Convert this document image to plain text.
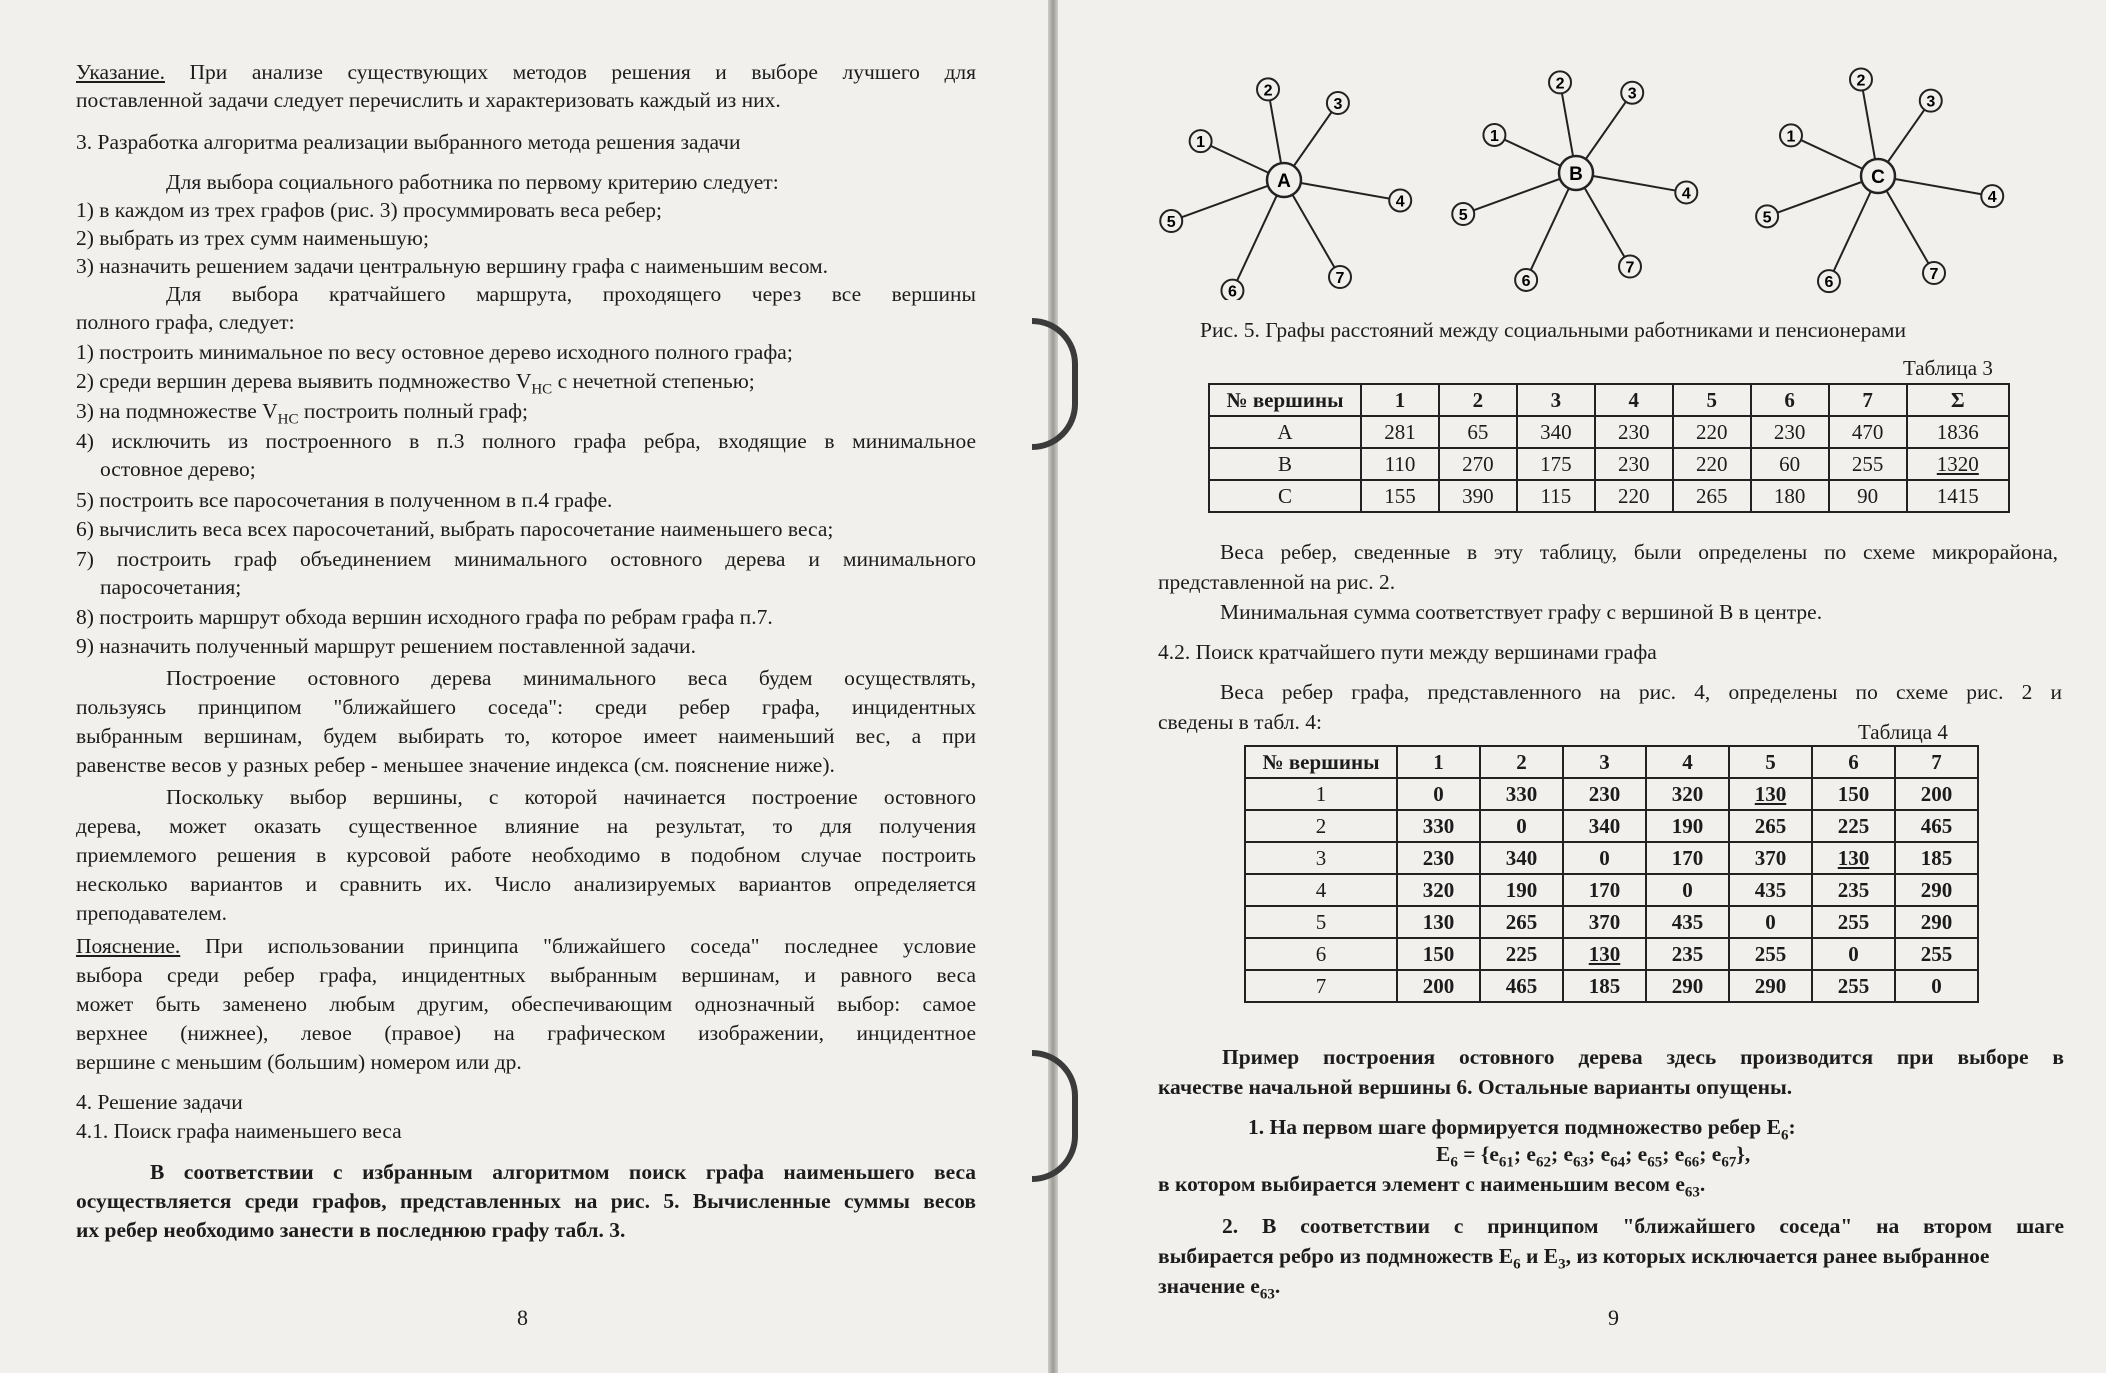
Указание. При анализе существующих методов решения и выборе лучшего для
поставленной задачи следует перечислить и характеризовать каждый из них.
3. Разработка алгоритма реализации выбранного метода решения задачи
Для выбора социального работника по первому критерию следует:
1) в каждом из трех графов (рис. 3) просуммировать веса ребер;
2) выбрать из трех сумм наименьшую;
3) назначить решением задачи центральную вершину графа с наименьшим весом.
Для выбора кратчайшего маршрута, проходящего через все вершины
полного графа, следует:
1) построить минимальное по весу остовное дерево исходного полного графа;
2) среди вершин дерева выявить подмножество $V_{HC}$ с нечетной степенью;
3) на подмножестве $V_{HC}$ построить полный граф;
4) исключить из построенного в п.3 полного графа ребра, входящие в минимальное
остовное дерево;
5) построить все паросочетания в полученном в п.4 графе.
6) вычислить веса всех паросочетаний, выбрать паросочетание наименьшего веса;
7) построить граф объединением минимального остовного дерева и минимального
паросочетания;
8) построить маршрут обхода вершин исходного графа по ребрам графа п.7.
9) назначить полученный маршрут решением поставленной задачи.
Построение остовного дерева минимального веса будем осуществлять,
пользуясь принципом "ближайшего соседа": среди ребер графа, инцидентных
выбранным вершинам, будем выбирать то, которое имеет наименьший вес, а при
равенстве весов у разных ребер - меньшее значение индекса (см. пояснение ниже).
Поскольку выбор вершины, с которой начинается построение остовного
дерева, может оказать существенное влияние на результат, то для получения
приемлемого решения в курсовой работе необходимо в подобном случае построить
несколько вариантов и сравнить их. Число анализируемых вариантов определяется
преподавателем.
Пояснение. При использовании принципа "ближайшего соседа" последнее условие
выбора среди ребер графа, инцидентных выбранным вершинам, и равного веса
может быть заменено любым другим, обеспечивающим однозначный выбор: самое
верхнее (нижнее), левое (правое) на графическом изображении, инцидентное
вершине с меньшим (большим) номером или др.
4. Решение задачи
4.1. Поиск графа наименьшего веса
В соответствии с избранным алгоритмом поиск графа наименьшего веса
осуществляется среди графов, представленных на рис. 5. Вычисленные суммы весов
их ребер необходимо занести в последнюю графу табл. 3.
8
1
2
3
4
5
6
7
A
1
2
3
4
5
6
7
B
1
2
3
4
5
6	7
C
Рис. 5. Графы расстояний между социальными работниками и пенсионерами
Таблица 3
№ вершины	1	2	3	4	5	6	7	Σ
A	281	65	340	230	220	230	470	1836
B	110	270	175	230	220	60	255	1320
C	155	390	115	220	265	180	90	1415
Веса ребер, сведенные в эту таблицу, были определены по схеме микрорайона,
представленной на рис. 2.
Минимальная сумма соответствует графу с вершиной B в центре.
4.2. Поиск кратчайшего пути между вершинами графа
Веса ребер графа, представленного на рис. 4, определены по схеме рис. 2 и
сведены в табл. 4:	Таблица 4
№ вершины	1	2	3	4	5	6	7
1	0	330	230	320	130	150	200
2	330	0	340	190	265	225	465
3	230	340	0	170	370	130	185
4	320	190	170	0	435	235	290
5	130	265	370	435	0	255	290
6	150	225	130	235	255	0	255
7	200	465	185	290	290	255	0
Пример построения остовного дерева здесь производится при выборе в
качестве начальной вершины 6. Остальные варианты опущены.
1. На первом шаге формируется подмножество ребер $E_6$:
$E_6 = \{e_{61}$; $e_{62}$; $e_{63}$; $e_{64}$; $e_{65}$; $e_{66}$; $e_{67}$},
в котором выбирается элемент с наименьшим весом $e_{63}$.
2. В соответствии с принципом "ближайшего соседа" на втором шаге
выбирается ребро из подмножеств $E_6$ и $E_3$, из которых исключается ранее выбранное
значение $e_{63}$.
9
